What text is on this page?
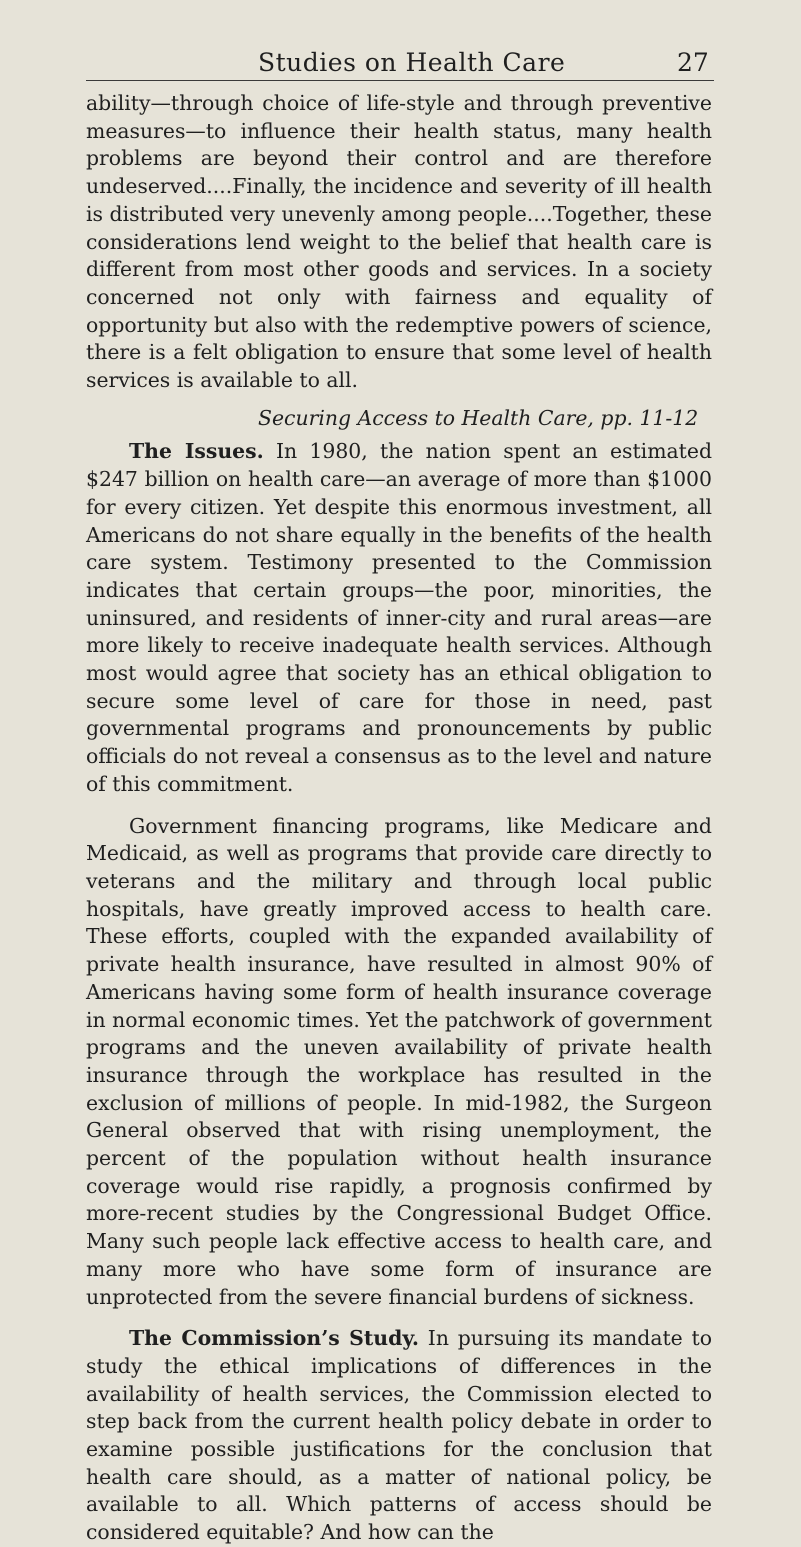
Studies on Health Care	27

ability—through choice of life-style and through preventive measures—to influence their health status, many health problems are beyond their control and are therefore undeserved....Finally, the incidence and severity of ill health is distributed very unevenly among people....Together, these considerations lend weight to the belief that health care is different from most other goods and services. In a society concerned not only with fairness and equality of opportunity but also with the redemptive powers of science, there is a felt obligation to ensure that some level of health services is available to all.

Securing Access to Health Care, pp. 11-12

The Issues. In 1980, the nation spent an estimated $247 billion on health care—an average of more than $1000 for every citizen. Yet despite this enormous investment, all Americans do not share equally in the benefits of the health care system. Testimony presented to the Commission indicates that certain groups—the poor, minorities, the uninsured, and residents of inner-city and rural areas—are more likely to receive inadequate health services. Although most would agree that society has an ethical obligation to secure some level of care for those in need, past governmental programs and pronouncements by public officials do not reveal a consensus as to the level and nature of this commitment.

Government financing programs, like Medicare and Medicaid, as well as programs that provide care directly to veterans and the military and through local public hospitals, have greatly improved access to health care. These efforts, coupled with the expanded availability of private health insurance, have resulted in almost 90% of Americans having some form of health insurance coverage in normal economic times. Yet the patchwork of government programs and the uneven availability of private health insurance through the workplace has resulted in the exclusion of millions of people. In mid-1982, the Surgeon General observed that with rising unemployment, the percent of the population without health insurance coverage would rise rapidly, a prognosis confirmed by more-recent studies by the Congressional Budget Office. Many such people lack effective access to health care, and many more who have some form of insurance are unprotected from the severe financial burdens of sickness.

The Commission’s Study. In pursuing its mandate to study the ethical implications of differences in the availability of health services, the Commission elected to step back from the current health policy debate in order to examine possible justifications for the conclusion that health care should, as a matter of national policy, be available to all. Which patterns of access should be considered equitable? And how can the
